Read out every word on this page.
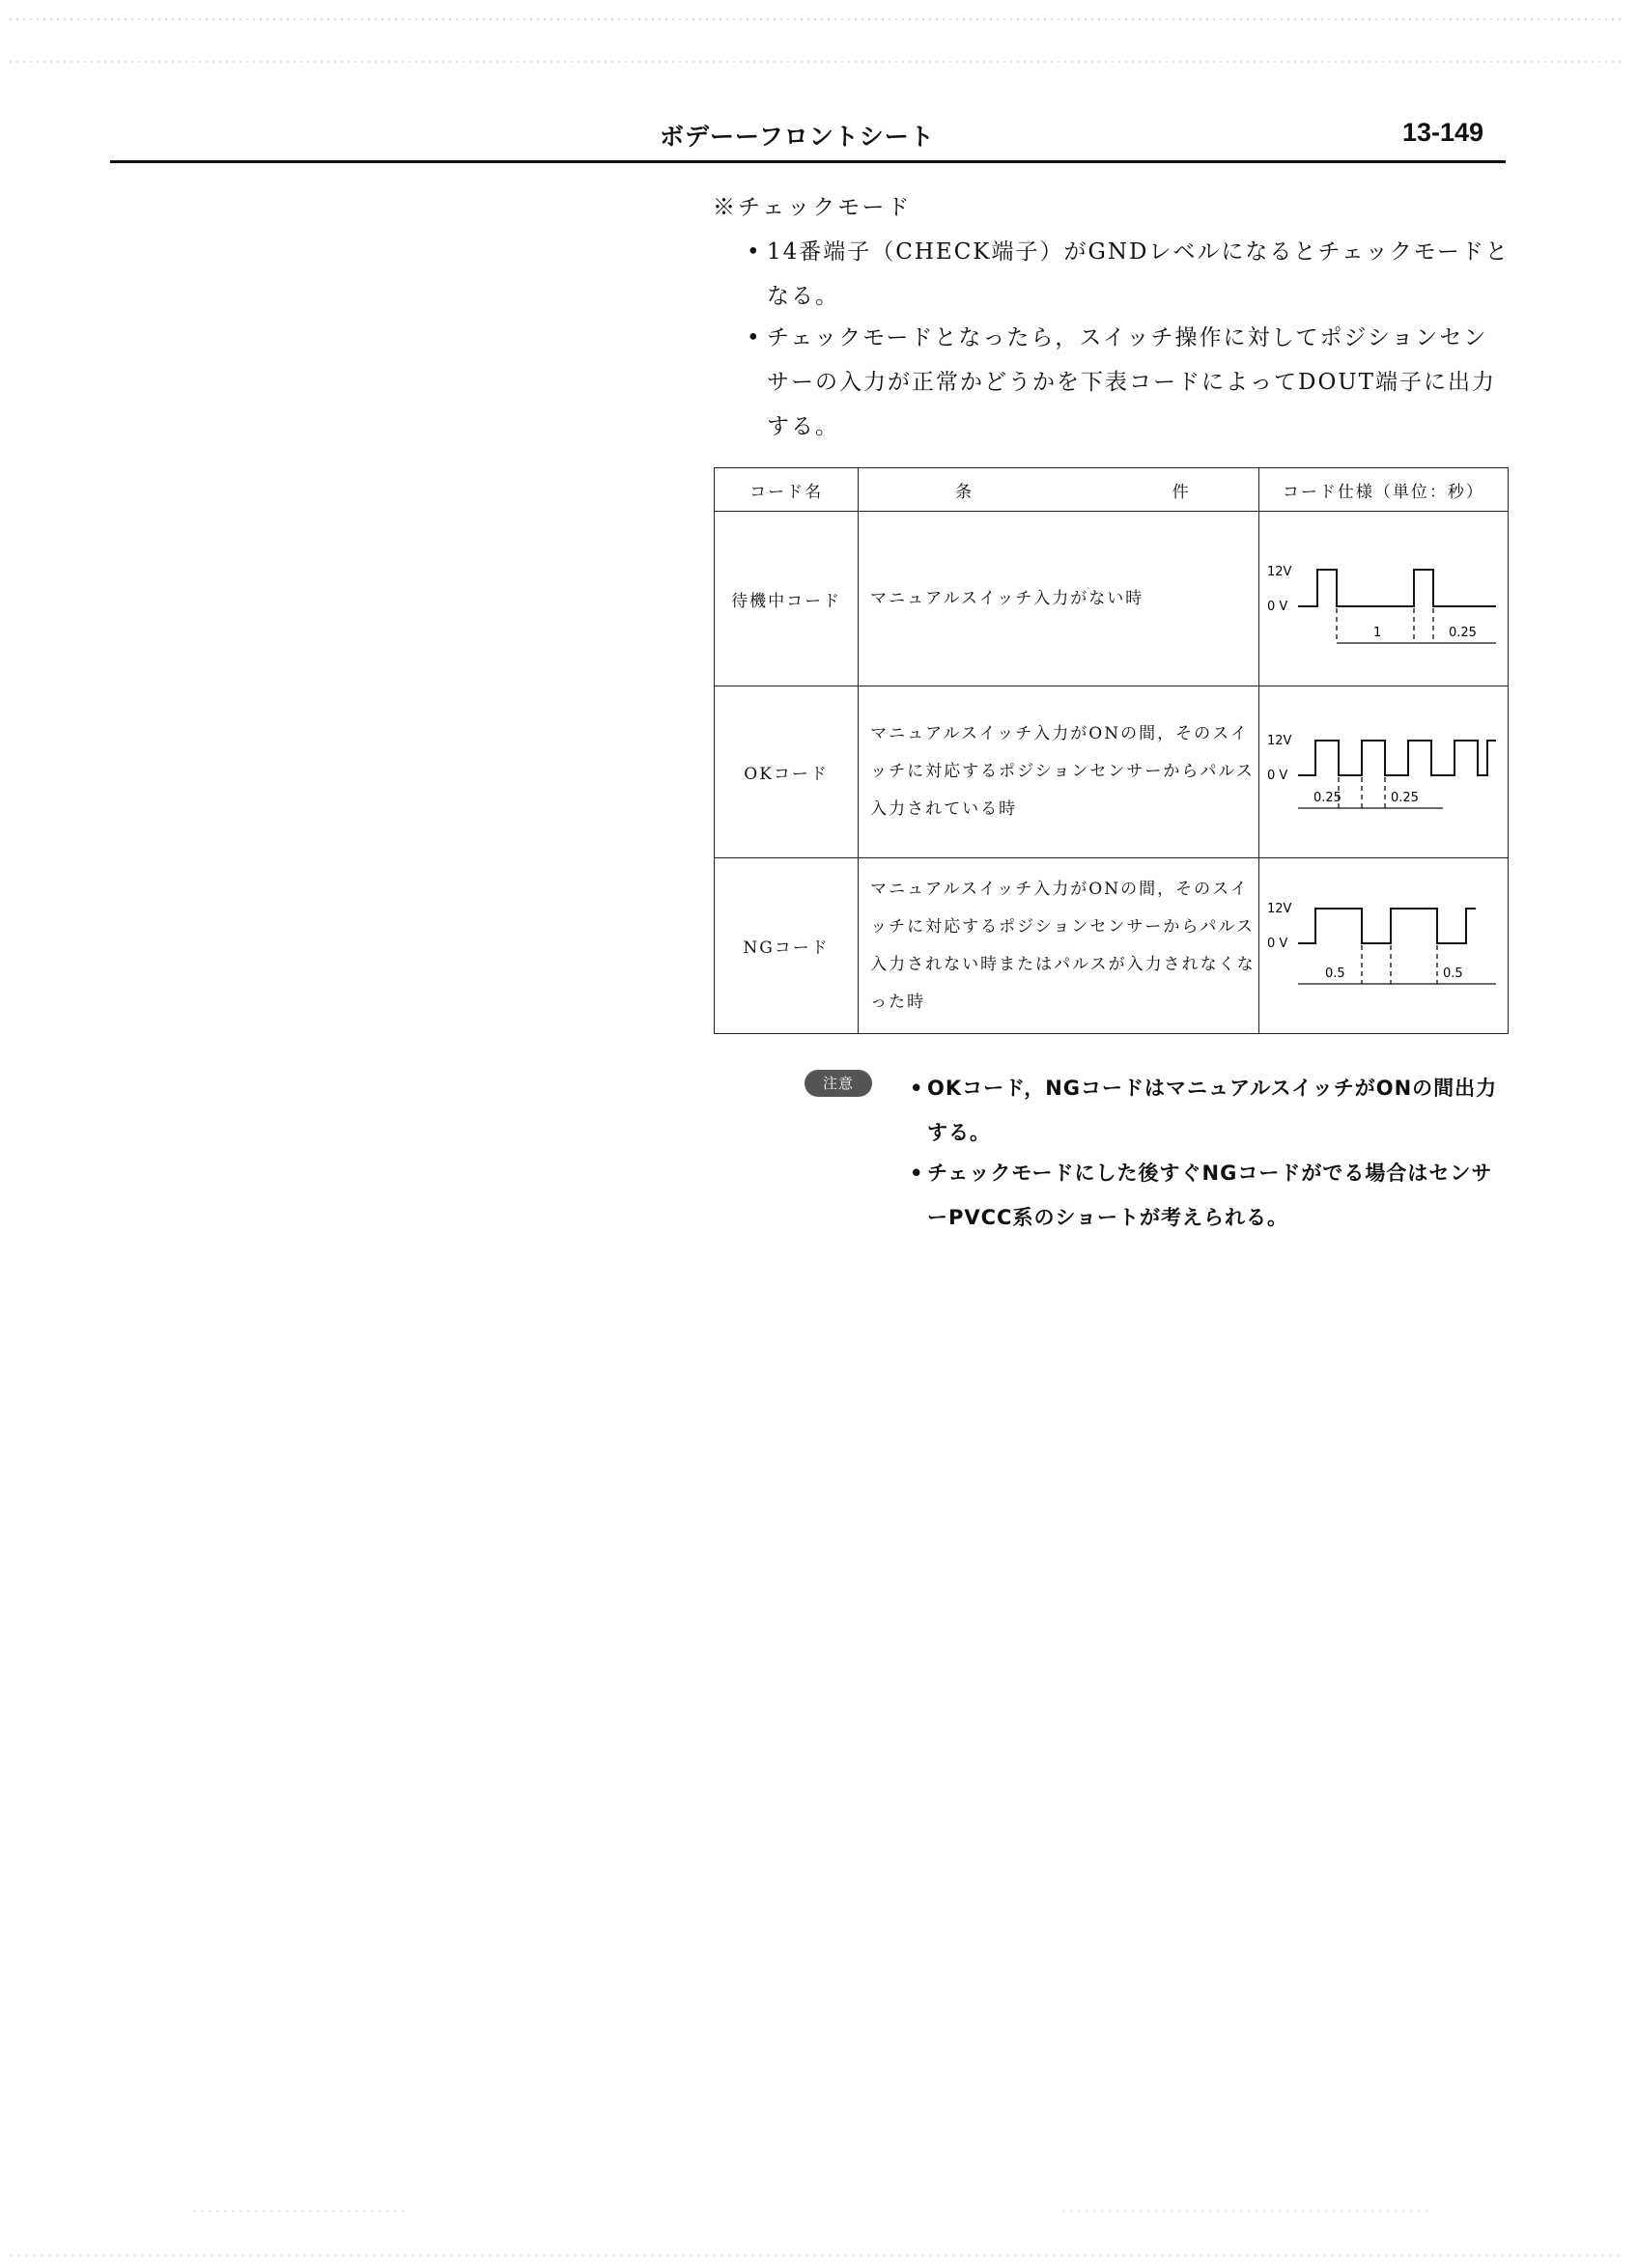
ボデーーフロントシート	13-149
※チェックモード
• 14番端子（CHECK端子）がGNDレベルになるとチェックモードとなる。
• チェックモードとなったら，スイッチ操作に対してポジションセンサーの入力が正常かどうかを下表コードによってDOUT端子に出力する。
コード名	条 件	コード仕様（単位：秒）
待機中コード	マニュアルスイッチ入力がない時	12V
0 V
1 0.25

OKコード	マニュアルスイッチ入力がONの間，そのスイッチに対応するポジションセンサーからパルス入力されている時	12V
0 V
0.25 0.25

NGコード	マニュアルスイッチ入力がONの間，そのスイッチに対応するポジションセンサーからパルス入力されない時またはパルスが入力されなくなった時	12V
0 V
0.5 0.5
注意	• OKコード，NGコードはマニュアルスイッチがONの間出力する。
• チェックモードにした後すぐNGコードがでる場合はセンサーPVCC系のショートが考えられる。
